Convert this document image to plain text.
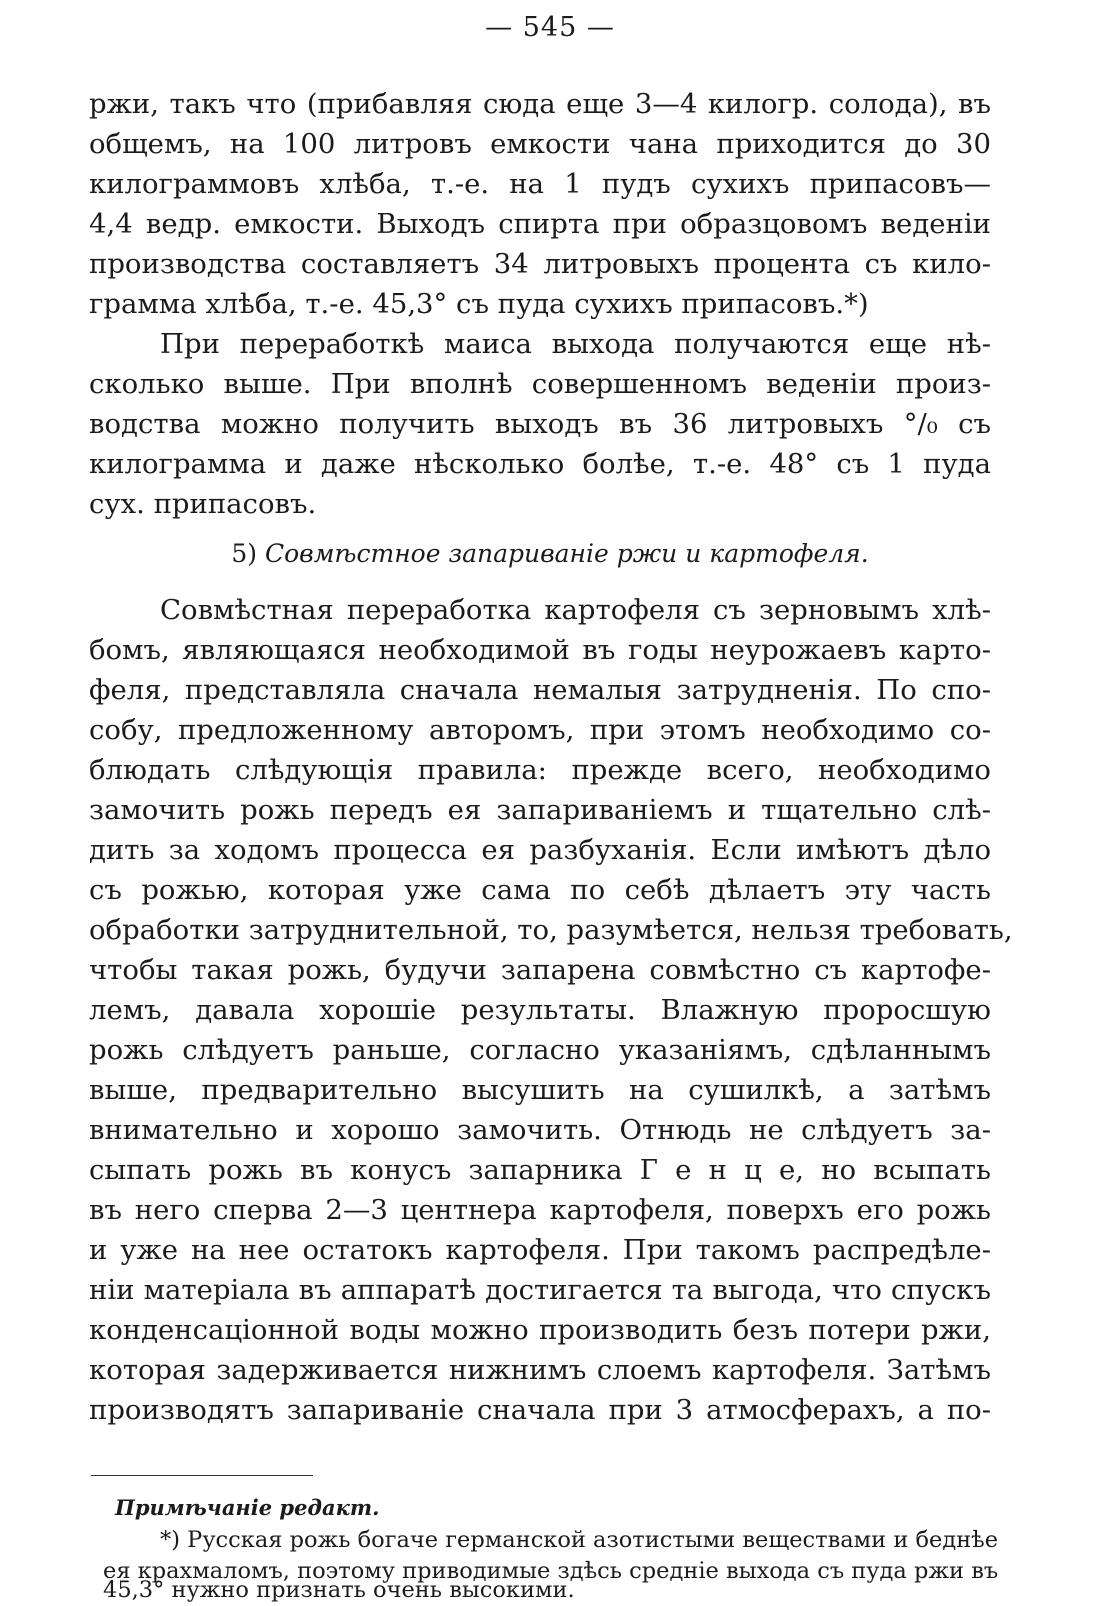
— 545 —
ржи, такъ что (прибавляя сюда еще 3—4 килогр. солода), въ
общемъ, на 100 литровъ емкости чана приходится до 30
килограммовъ хлѣба, т.-е. на 1 пудъ сухихъ припасовъ—
4,4 ведр. емкости. Выходъ спирта при образцовомъ веденіи
производства составляетъ 34 литровыхъ процента съ кило-
грамма хлѣба, т.-е. 45,3° съ пуда сухихъ припасовъ.*)
При переработкѣ маиса выхода получаются еще нѣ-
сколько выше. При вполнѣ совершенномъ веденіи произ-
водства можно получить выходъ въ 36 литровыхъ °/₀ съ
килограмма и даже нѣсколько болѣе, т.-е. 48° съ 1 пуда
сух. припасовъ.
5) Совмѣстное запариваніе ржи и картофеля.
Совмѣстная переработка картофеля съ зерновымъ хлѣ-
бомъ, являющаяся необходимой въ годы неурожаевъ карто-
феля, представляла сначала немалыя затрудненія. По спо-
собу, предложенному авторомъ, при этомъ необходимо со-
блюдать слѣдующія правила: прежде всего, необходимо
замочить рожь передъ ея запариваніемъ и тщательно слѣ-
дить за ходомъ процесса ея разбуханія. Если имѣютъ дѣло
съ рожью, которая уже сама по себѣ дѣлаетъ эту часть
обработки затруднительной, то, разумѣется, нельзя требовать,
чтобы такая рожь, будучи запарена совмѣстно съ картофе-
лемъ, давала хорошіе результаты. Влажную проросшую
рожь слѣдуетъ раньше, согласно указаніямъ, сдѣланнымъ
выше, предварительно высушить на сушилкѣ, а затѣмъ
внимательно и хорошо замочить. Отнюдь не слѣдуетъ за-
сыпать рожь въ конусъ запарника Г е н ц е, но всыпать
въ него сперва 2—3 центнера картофеля, поверхъ его рожь
и уже на нее остатокъ картофеля. При такомъ распредѣле-
ніи матеріала въ аппаратѣ достигается та выгода, что спускъ
конденсаціонной воды можно производить безъ потери ржи,
которая задерживается нижнимъ слоемъ картофеля. Затѣмъ
производятъ запариваніе сначала при 3 атмосферахъ, а по-
Примѣчаніе редакт.
*) Русская рожь богаче германской азотистыми веществами и беднѣе
ея крахмаломъ, поэтому приводимые здѣсь средніе выхода съ пуда ржи въ
45,3° нужно признать очень высокими.
